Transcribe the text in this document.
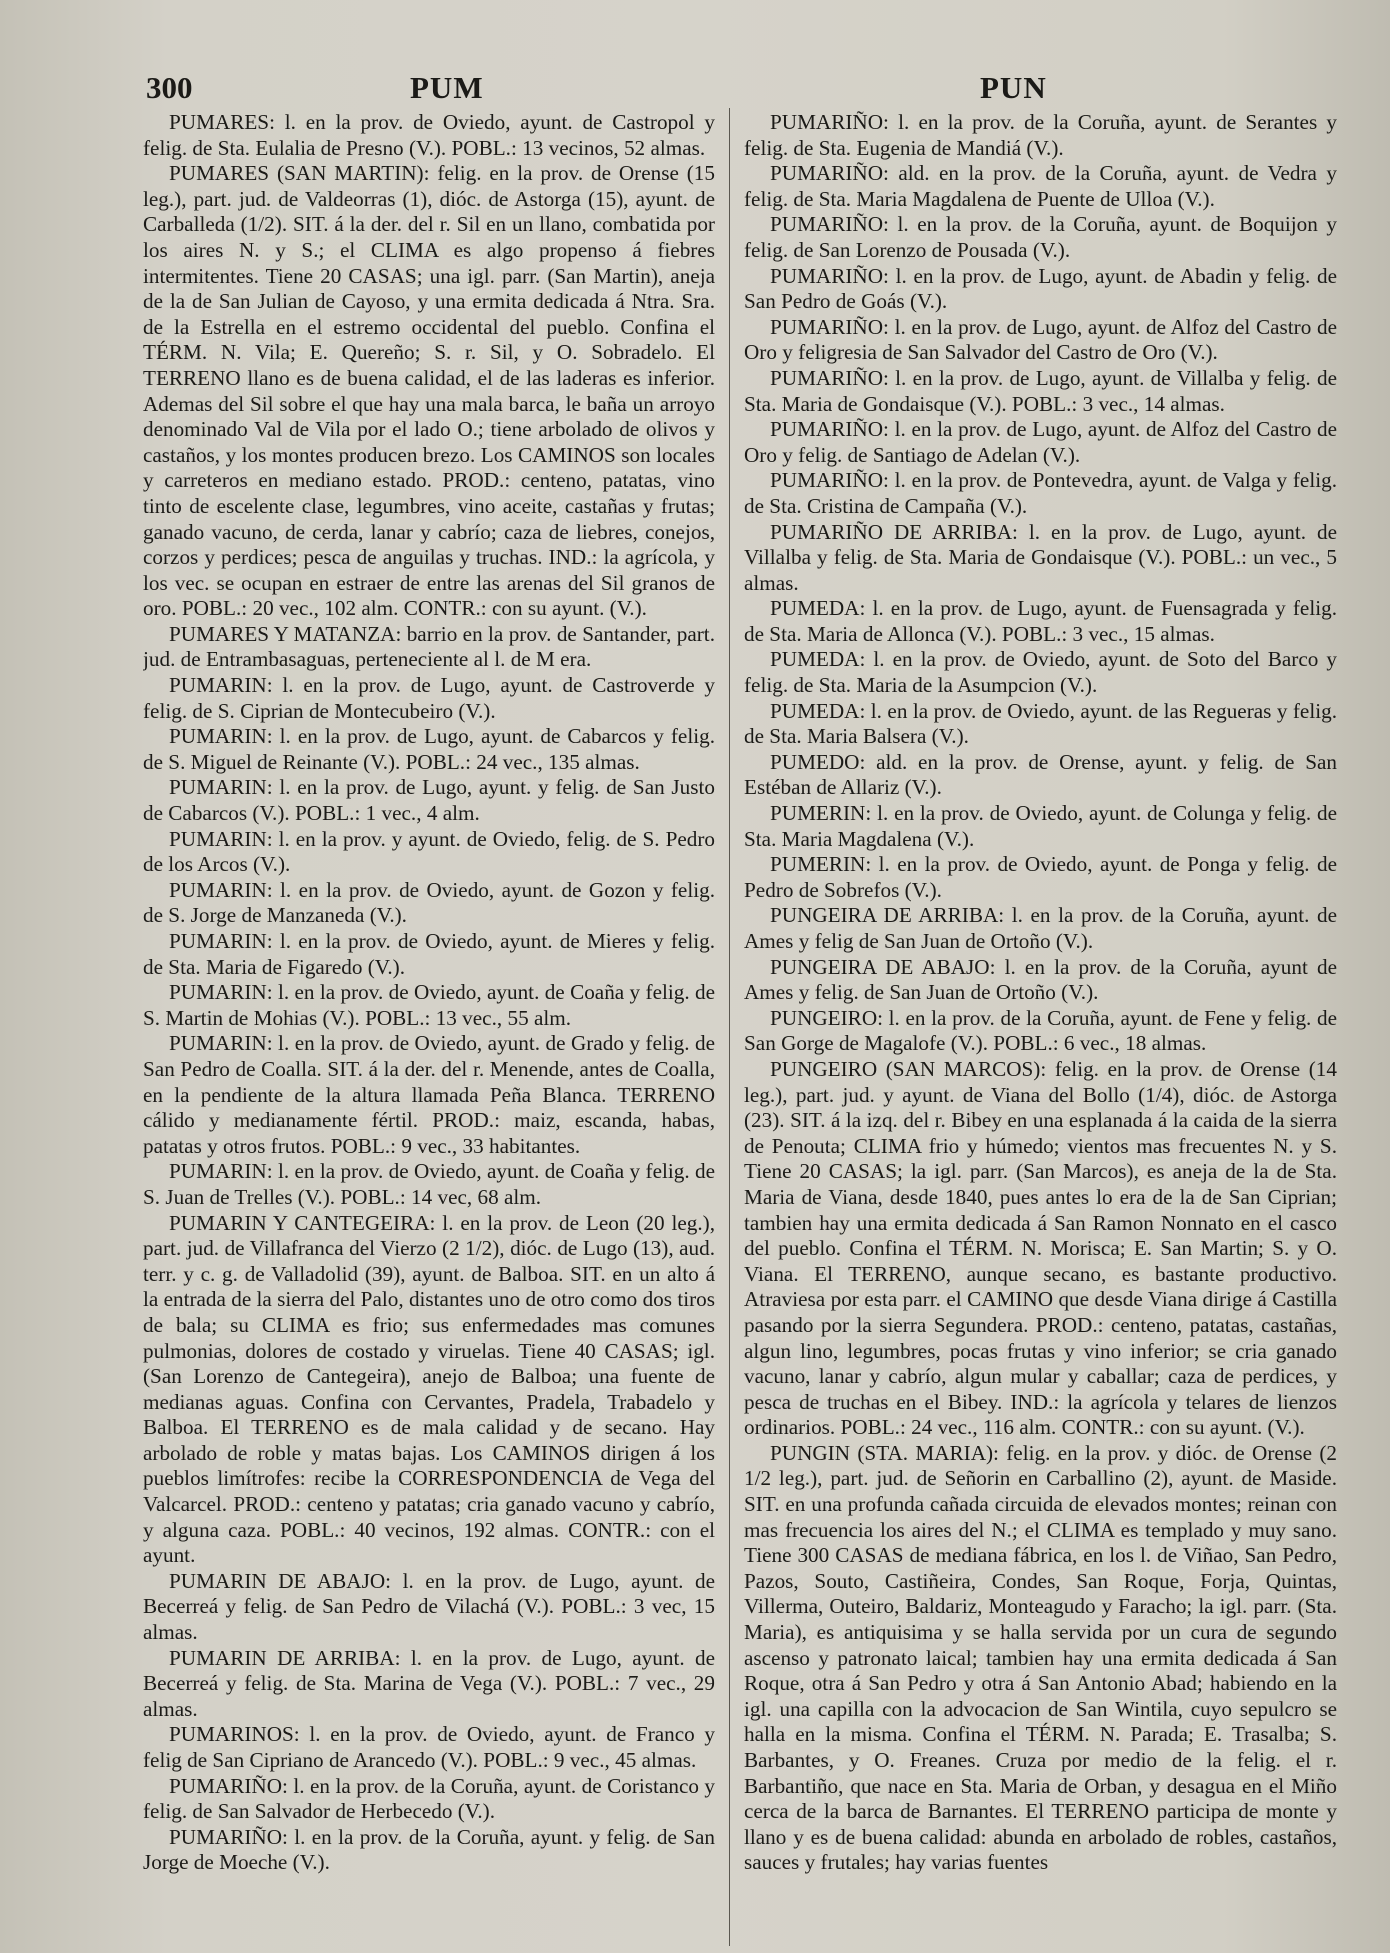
300	PUM	PUN

PUMARES: l. en la prov. de Oviedo, ayunt. de Castropol y felig. de Sta. Eulalia de Presno (V.). POBL.: 13 vecinos, 52 almas.

PUMARES (SAN MARTIN): felig. en la prov. de Orense (15 leg.), part. jud. de Valdeorras (1), dióc. de Astorga (15), ayunt. de Carballeda (1/2). SIT. á la der. del r. Sil en un llano, combatida por los aires N. y S.; el CLIMA es algo propenso á fiebres intermitentes. Tiene 20 CASAS; una igl. parr. (San Martin), aneja de la de San Julian de Cayoso, y una ermita dedicada á Ntra. Sra. de la Estrella en el estremo occidental del pueblo. Confina el TÉRM. N. Vila; E. Quereño; S. r. Sil, y O. Sobradelo. El TERRENO llano es de buena calidad, el de las laderas es inferior. Ademas del Sil sobre el que hay una mala barca, le baña un arroyo denominado Val de Vila por el lado O.; tiene arbolado de olivos y castaños, y los montes producen brezo. Los CAMINOS son locales y carreteros en mediano estado. PROD.: centeno, patatas, vino tinto de escelente clase, legumbres, vino aceite, castañas y frutas; ganado vacuno, de cerda, lanar y cabrío; caza de liebres, conejos, corzos y perdices; pesca de anguilas y truchas. IND.: la agrícola, y los vec. se ocupan en estraer de entre las arenas del Sil granos de oro. POBL.: 20 vec., 102 alm. CONTR.: con su ayunt. (V.).

PUMARES Y MATANZA: barrio en la prov. de Santander, part. jud. de Entrambasaguas, perteneciente al l. de M era.

PUMARIN: l. en la prov. de Lugo, ayunt. de Castroverde y felig. de S. Ciprian de Montecubeiro (V.).

PUMARIN: l. en la prov. de Lugo, ayunt. de Cabarcos y felig. de S. Miguel de Reinante (V.). POBL.: 24 vec., 135 almas.

PUMARIN: l. en la prov. de Lugo, ayunt. y felig. de San Justo de Cabarcos (V.). POBL.: 1 vec., 4 alm.

PUMARIN: l. en la prov. y ayunt. de Oviedo, felig. de S. Pedro de los Arcos (V.).

PUMARIN: l. en la prov. de Oviedo, ayunt. de Gozon y felig. de S. Jorge de Manzaneda (V.).

PUMARIN: l. en la prov. de Oviedo, ayunt. de Mieres y felig. de Sta. Maria de Figaredo (V.).

PUMARIN: l. en la prov. de Oviedo, ayunt. de Coaña y felig. de S. Martin de Mohias (V.). POBL.: 13 vec., 55 alm.

PUMARIN: l. en la prov. de Oviedo, ayunt. de Grado y felig. de San Pedro de Coalla. SIT. á la der. del r. Menende, antes de Coalla, en la pendiente de la altura llamada Peña Blanca. TERRENO cálido y medianamente fértil. PROD.: maiz, escanda, habas, patatas y otros frutos. POBL.: 9 vec., 33 habitantes.

PUMARIN: l. en la prov. de Oviedo, ayunt. de Coaña y felig. de S. Juan de Trelles (V.). POBL.: 14 vec, 68 alm.

PUMARIN Y CANTEGEIRA: l. en la prov. de Leon (20 leg.), part. jud. de Villafranca del Vierzo (2 1/2), dióc. de Lugo (13), aud. terr. y c. g. de Valladolid (39), ayunt. de Balboa. SIT. en un alto á la entrada de la sierra del Palo, distantes uno de otro como dos tiros de bala; su CLIMA es frio; sus enfermedades mas comunes pulmonias, dolores de costado y viruelas. Tiene 40 CASAS; igl. (San Lorenzo de Cantegeira), anejo de Balboa; una fuente de medianas aguas. Confina con Cervantes, Pradela, Trabadelo y Balboa. El TERRENO es de mala calidad y de secano. Hay arbolado de roble y matas bajas. Los CAMINOS dirigen á los pueblos limítrofes: recibe la CORRESPONDENCIA de Vega del Valcarcel. PROD.: centeno y patatas; cria ganado vacuno y cabrío, y alguna caza. POBL.: 40 vecinos, 192 almas. CONTR.: con el ayunt.

PUMARIN DE ABAJO: l. en la prov. de Lugo, ayunt. de Becerreá y felig. de San Pedro de Vilachá (V.). POBL.: 3 vec, 15 almas.

PUMARIN DE ARRIBA: l. en la prov. de Lugo, ayunt. de Becerreá y felig. de Sta. Marina de Vega (V.). POBL.: 7 vec., 29 almas.

PUMARINOS: l. en la prov. de Oviedo, ayunt. de Franco y felig de San Cipriano de Arancedo (V.). POBL.: 9 vec., 45 almas.

PUMARIÑO: l. en la prov. de la Coruña, ayunt. de Coristanco y felig. de San Salvador de Herbecedo (V.).

PUMARIÑO: l. en la prov. de la Coruña, ayunt. y felig. de San Jorge de Moeche (V.).

PUMARIÑO: l. en la prov. de la Coruña, ayunt. de Serantes y felig. de Sta. Eugenia de Mandiá (V.).

PUMARIÑO: ald. en la prov. de la Coruña, ayunt. de Vedra y felig. de Sta. Maria Magdalena de Puente de Ulloa (V.).

PUMARIÑO: l. en la prov. de la Coruña, ayunt. de Boquijon y felig. de San Lorenzo de Pousada (V.).

PUMARIÑO: l. en la prov. de Lugo, ayunt. de Abadin y felig. de San Pedro de Goás (V.).

PUMARIÑO: l. en la prov. de Lugo, ayunt. de Alfoz del Castro de Oro y feligresia de San Salvador del Castro de Oro (V.).

PUMARIÑO: l. en la prov. de Lugo, ayunt. de Villalba y felig. de Sta. Maria de Gondaisque (V.). POBL.: 3 vec., 14 almas.

PUMARIÑO: l. en la prov. de Lugo, ayunt. de Alfoz del Castro de Oro y felig. de Santiago de Adelan (V.).

PUMARIÑO: l. en la prov. de Pontevedra, ayunt. de Valga y felig. de Sta. Cristina de Campaña (V.).

PUMARIÑO DE ARRIBA: l. en la prov. de Lugo, ayunt. de Villalba y felig. de Sta. Maria de Gondaisque (V.). POBL.: un vec., 5 almas.

PUMEDA: l. en la prov. de Lugo, ayunt. de Fuensagrada y felig. de Sta. Maria de Allonca (V.). POBL.: 3 vec., 15 almas.

PUMEDA: l. en la prov. de Oviedo, ayunt. de Soto del Barco y felig. de Sta. Maria de la Asumpcion (V.).

PUMEDA: l. en la prov. de Oviedo, ayunt. de las Regueras y felig. de Sta. Maria Balsera (V.).

PUMEDO: ald. en la prov. de Orense, ayunt. y felig. de San Estéban de Allariz (V.).

PUMERIN: l. en la prov. de Oviedo, ayunt. de Colunga y felig. de Sta. Maria Magdalena (V.).

PUMERIN: l. en la prov. de Oviedo, ayunt. de Ponga y felig. de Pedro de Sobrefos (V.).

PUNGEIRA DE ARRIBA: l. en la prov. de la Coruña, ayunt. de Ames y felig de San Juan de Ortoño (V.).

PUNGEIRA DE ABAJO: l. en la prov. de la Coruña, ayunt de Ames y felig. de San Juan de Ortoño (V.).

PUNGEIRO: l. en la prov. de la Coruña, ayunt. de Fene y felig. de San Gorge de Magalofe (V.). POBL.: 6 vec., 18 almas.

PUNGEIRO (SAN MARCOS): felig. en la prov. de Orense (14 leg.), part. jud. y ayunt. de Viana del Bollo (1/4), dióc. de Astorga (23). SIT. á la izq. del r. Bibey en una esplanada á la caida de la sierra de Penouta; CLIMA frio y húmedo; vientos mas frecuentes N. y S. Tiene 20 CASAS; la igl. parr. (San Marcos), es aneja de la de Sta. Maria de Viana, desde 1840, pues antes lo era de la de San Ciprian; tambien hay una ermita dedicada á San Ramon Nonnato en el casco del pueblo. Confina el TÉRM. N. Morisca; E. San Martin; S. y O. Viana. El TERRENO, aunque secano, es bastante productivo. Atraviesa por esta parr. el CAMINO que desde Viana dirige á Castilla pasando por la sierra Segundera. PROD.: centeno, patatas, castañas, algun lino, legumbres, pocas frutas y vino inferior; se cria ganado vacuno, lanar y cabrío, algun mular y caballar; caza de perdices, y pesca de truchas en el Bibey. IND.: la agrícola y telares de lienzos ordinarios. POBL.: 24 vec., 116 alm. CONTR.: con su ayunt. (V.).

PUNGIN (STA. MARIA): felig. en la prov. y dióc. de Orense (2 1/2 leg.), part. jud. de Señorin en Carballino (2), ayunt. de Maside. SIT. en una profunda cañada circuida de elevados montes; reinan con mas frecuencia los aires del N.; el CLIMA es templado y muy sano. Tiene 300 CASAS de mediana fábrica, en los l. de Viñao, San Pedro, Pazos, Souto, Castiñeira, Condes, San Roque, Forja, Quintas, Villerma, Outeiro, Baldariz, Monteagudo y Faracho; la igl. parr. (Sta. Maria), es antiquisima y se halla servida por un cura de segundo ascenso y patronato laical; tambien hay una ermita dedicada á San Roque, otra á San Pedro y otra á San Antonio Abad; habiendo en la igl. una capilla con la advocacion de San Wintila, cuyo sepulcro se halla en la misma. Confina el TÉRM. N. Parada; E. Trasalba; S. Barbantes, y O. Freanes. Cruza por medio de la felig. el r. Barbantiño, que nace en Sta. Maria de Orban, y desagua en el Miño cerca de la barca de Barnantes. El TERRENO participa de monte y llano y es de buena calidad: abunda en arbolado de robles, castaños, sauces y frutales; hay varias fuentes
